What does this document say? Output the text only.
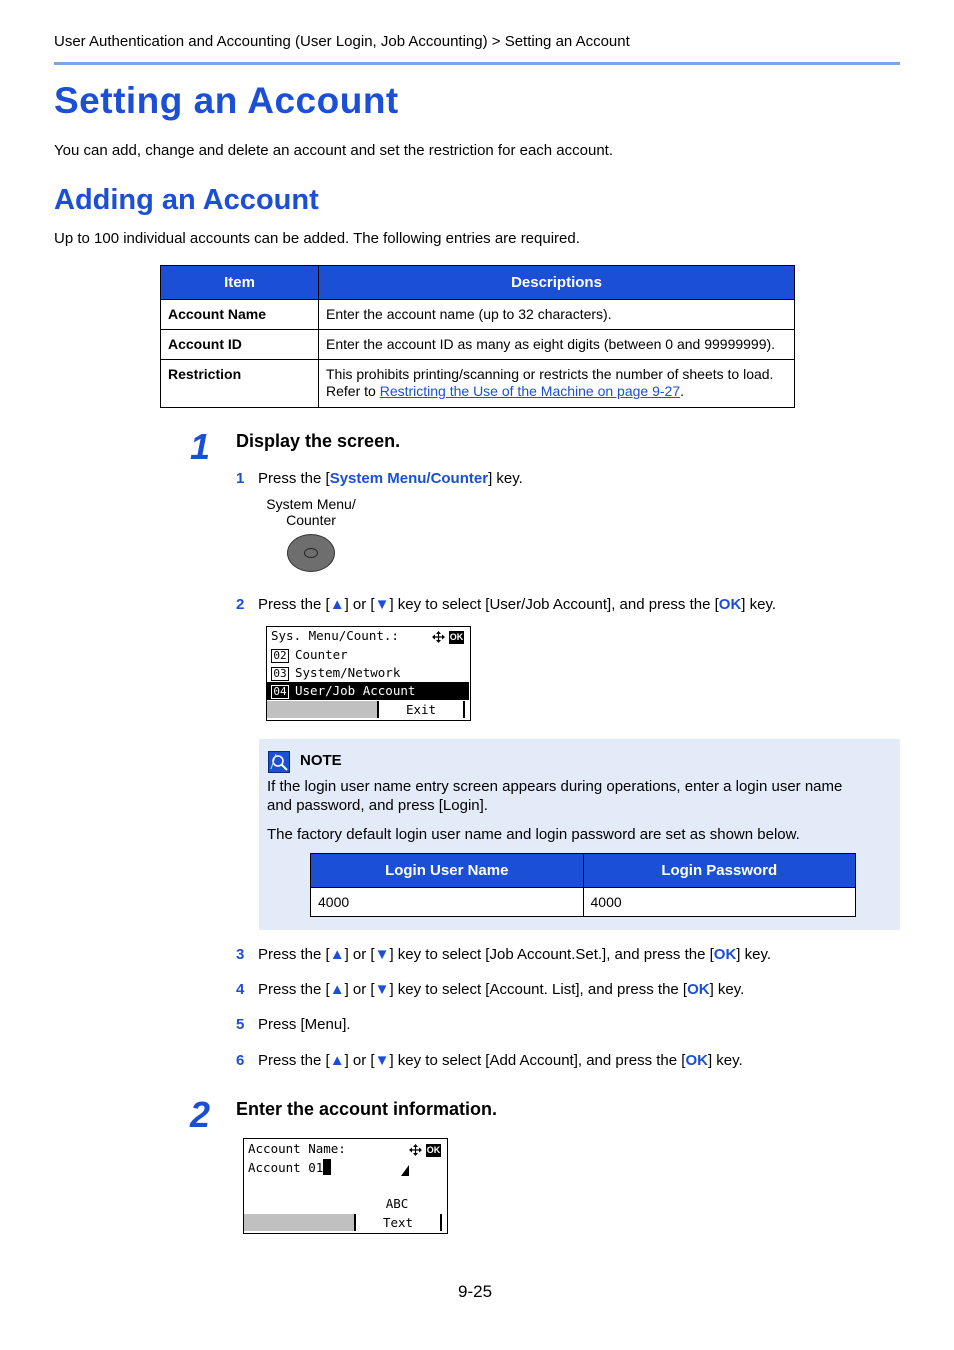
User Authentication and Accounting (User Login, Job Accounting) > Setting an Account
Setting an Account
You can add, change and delete an account and set the restriction for each account.
Adding an Account
Up to 100 individual accounts can be added. The following entries are required.
Item	Descriptions
Account Name	Enter the account name (up to 32 characters).
Account ID	Enter the account ID as many as eight digits (between 0 and 99999999).
Restriction	This prohibits printing/scanning or restricts the number of sheets to load.
Refer to Restricting the Use of the Machine on page 9-27.
1 Display the screen.
1 Press the [System Menu/Counter] key.
System Menu/
Counter
2 Press the [▲] or [▼] key to select [User/Job Account], and press the [OK] key.
Sys. Menu/Count.:	OK
02 Counter
03 System/Network
04 User/Job Account
Exit
NOTE
If the login user name entry screen appears during operations, enter a login user name
and password, and press [Login].
The factory default login user name and login password are set as shown below.
Login User Name	Login Password
4000	4000
3 Press the [▲] or [▼] key to select [Job Account.Set.], and press the [OK] key.
4 Press the [▲] or [▼] key to select [Account. List], and press the [OK] key.
5 Press [Menu].
6 Press the [▲] or [▼] key to select [Add Account], and press the [OK] key.
2 Enter the account information.
Account Name:	OK
Account 01
ABC
Text
9-25
